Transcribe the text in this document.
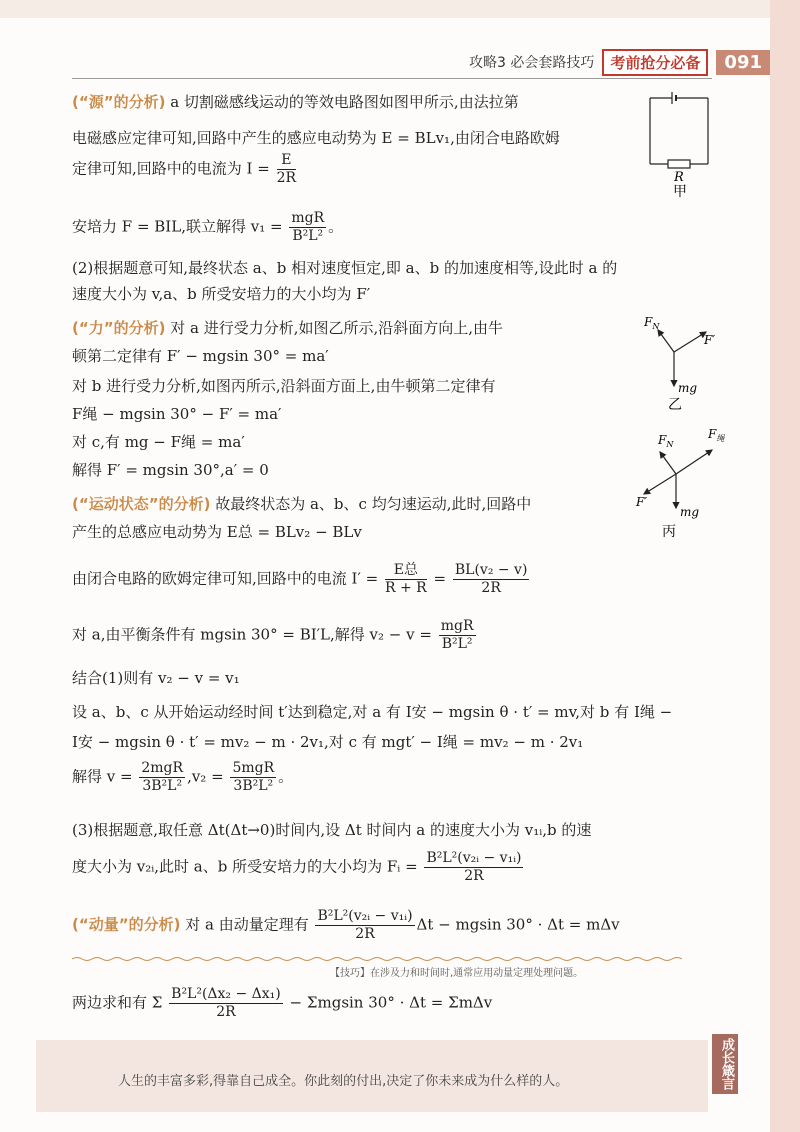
攻略3 必会套路技巧	考前抢分必备	091
(“源”的分析) a 切割磁感线运动的等效电路图如图甲所示,由法拉第
电磁感应定律可知,回路中产生的感应电动势为 E = BLv₁,由闭合电路欧姆
定律可知,回路中的电流为 $I = \frac{E}{2R}$	R
甲
安培力 F = BIL,联立解得 $v_1 = \frac{\text{mgR}}{\text{B²L²}}$ 。
(2)根据题意可知,最终状态 a、b 相对速度恒定,即 a、b 的加速度相等,设此时 a 的
速度大小为 v,a、b 所受安培力的大小均为 F′
(“力”的分析) 对 a 进行受力分析,如图乙所示,沿斜面方向上,由牛
顿第二定律有 F′ − mgsin 30° = ma′
对 b 进行受力分析,如图丙所示,沿斜面方面上,由牛顿第二定律有
F绳 − mgsin 30° − F′ = ma′
对 c,有 mg − F绳 = ma′
解得 F′ = mgsin 30°,a′ = 0
$F_N$
F′
mg
乙
$F_N$
$F_绳$
F′
mg
丙
(“运动状态”的分析) 故最终状态为 a、b、c 均匀速运动,此时,回路中
产生的总感应电动势为 E总 = BLv₂ − BLv
由闭合电路的欧姆定律可知,回路中的电流 $I' = \frac{\text{E总}}{R + R} = \frac{\text{BL(v₂ − v)}}{2R}$
对 a,由平衡条件有 mgsin 30° = BI′L,解得 $v_2 - v = \frac{\text{mgR}}{\text{B²L²}}$
结合(1)则有 v₂ − v = v₁
设 a、b、c 从开始运动经时间 t′达到稳定,对 a 有 I安 − mgsin θ · t′ = mv,对 b 有 I绳 −
I安 − mgsin θ · t′ = mv₂ − m · 2v₁,对 c 有 mgt′ − I绳 = mv₂ − m · 2v₁
解得 $v = \frac{\text{2mgR}}{\text{3B²L²}} ,v_2 = \frac{\text{5mgR}}{\text{3B²L²}}$ 。
(3)根据题意,取任意 Δt(Δt→0)时间内,设 Δt 时间内 a 的速度大小为 v₁ᵢ,b 的速
度大小为 v₂ᵢ,此时 a、b 所受安培力的大小均为 Fᵢ = $\frac{\text{B²L²(v₂ᵢ − v₁ᵢ)}}{2R}$
(“动量”的分析) 对 a 由动量定理有 $\frac{\text{B²L²(v₂ᵢ − v₁ᵢ)}}{2R}$ Δt − mgsin 30° · Δt = mΔv
【技巧】在涉及力和时间时,通常应用动量定理处理问题。
两边求和有 Σ $\frac{\text{B²L²(Δx₂ − Δx₁)}}{2R} - \Sigma mgsin$ 30° · Δt = ΣmΔv
人生的丰富多彩,得靠自己成全。你此刻的付出,决定了你未来成为什么样的人。	成长箴言
